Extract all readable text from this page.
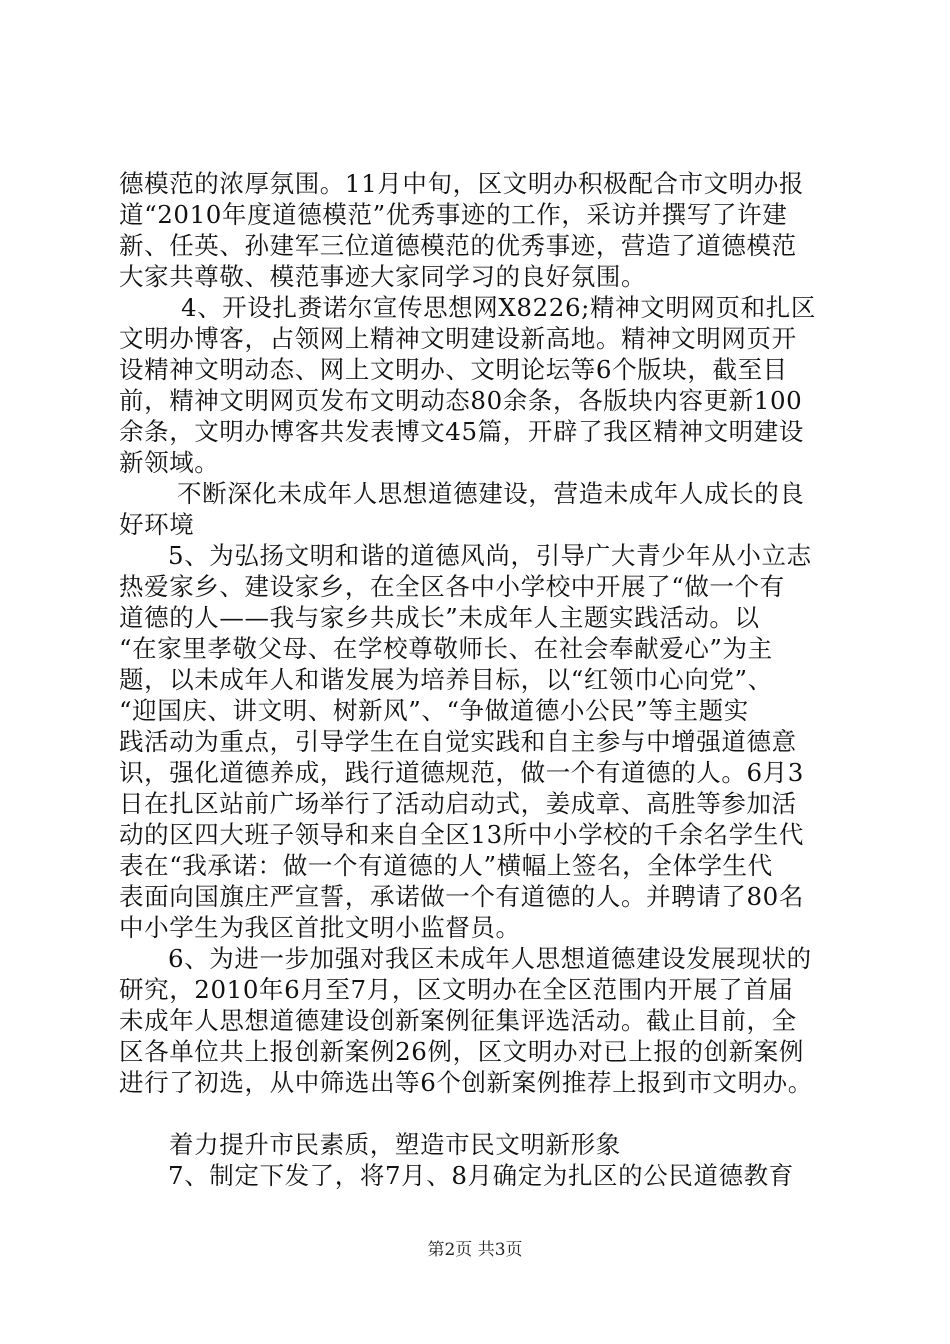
德模范的浓厚氛围。11月中旬，区文明办积极配合市文明办报
道“2010年度道德模范”优秀事迹的工作，采访并撰写了许建
新、任英、孙建军三位道德模范的优秀事迹，营造了道德模范
大家共尊敬、模范事迹大家同学习的良好氛围。
4、开设扎赉诺尔宣传思想网X8226;精神文明网页和扎区
文明办博客，占领网上精神文明建设新高地。精神文明网页开
设精神文明动态、网上文明办、文明论坛等6个版块，截至目
前，精神文明网页发布文明动态80余条，各版块内容更新100
余条，文明办博客共发表博文45篇，开辟了我区精神文明建设
新领域。
不断深化未成年人思想道德建设，营造未成年人成长的良
好环境
5、为弘扬文明和谐的道德风尚，引导广大青少年从小立志
热爱家乡、建设家乡，在全区各中小学校中开展了“做一个有
道德的人——我与家乡共成长”未成年人主题实践活动。以
“在家里孝敬父母、在学校尊敬师长、在社会奉献爱心”为主
题，以未成年人和谐发展为培养目标，以“红领巾心向党”、
“迎国庆、讲文明、树新风”、“争做道德小公民”等主题实
践活动为重点，引导学生在自觉实践和自主参与中增强道德意
识，强化道德养成，践行道德规范，做一个有道德的人。6月3
日在扎区站前广场举行了活动启动式，姜成章、高胜等参加活
动的区四大班子领导和来自全区13所中小学校的千余名学生代
表在“我承诺：做一个有道德的人”横幅上签名，全体学生代
表面向国旗庄严宣誓，承诺做一个有道德的人。并聘请了80名
中小学生为我区首批文明小监督员。
6、为进一步加强对我区未成年人思想道德建设发展现状的
研究，2010年6月至7月，区文明办在全区范围内开展了首届
未成年人思想道德建设创新案例征集评选活动。截止目前，全
区各单位共上报创新案例26例，区文明办对已上报的创新案例
进行了初选，从中筛选出等6个创新案例推荐上报到市文明办。
着力提升市民素质，塑造市民文明新形象
7、制定下发了，将7月、8月确定为扎区的公民道德教育
第2页 共3页
